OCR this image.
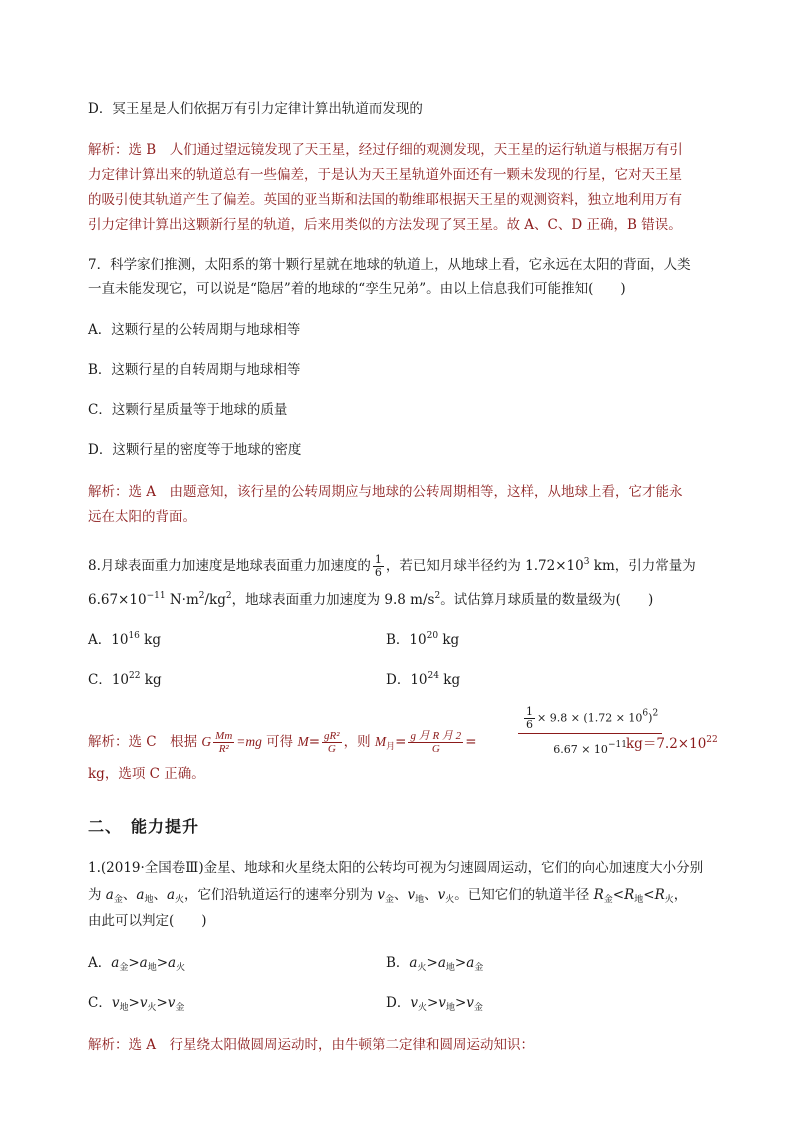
D．冥王星是人们依据万有引力定律计算出轨道而发现的
解析：选 B　人们通过望远镜发现了天王星，经过仔细的观测发现，天王星的运行轨道与根据万有引
力定律计算出来的轨道总有一些偏差，于是认为天王星轨道外面还有一颗未发现的行星，它对天王星
的吸引使其轨道产生了偏差。英国的亚当斯和法国的勒维耶根据天王星的观测资料，独立地利用万有
引力定律计算出这颗新行星的轨道，后来用类似的方法发现了冥王星。故 A、C、D 正确，B 错误。
7．科学家们推测，太阳系的第十颗行星就在地球的轨道上，从地球上看，它永远在太阳的背面，人类
一直未能发现它，可以说是“隐居”着的地球的“孪生兄弟”。由以上信息我们可能推知(　　)
A．这颗行星的公转周期与地球相等
B．这颗行星的自转周期与地球相等
C．这颗行星质量等于地球的质量
D．这颗行星的密度等于地球的密度
解析：选 A　由题意知，该行星的公转周期应与地球的公转周期相等，这样，从地球上看，它才能永
远在太阳的背面。
8.月球表面重力加速度是地球表面重力加速度的 $\frac{1}{6}$ ，若已知月球半径约为 $1.72\times 10^3$ km，引力常量为
$6.67\times 10^{-11}$ $N\cdot m^2/kg^2$，地球表面重力加速度为 9.8 $m/s^2$。试估算月球质量的数量级为(　　)
A．$10^{16}$ kg	B．$10^{20}$ kg
C．$10^{22}$ kg	D．$10^{24}$ kg
解析：选 C　根据 G $\frac{Mm}{\text{R²}} =mg$ 可得 $M= \frac{\text{gR²}}{G}$ ，则 $M_月= \frac{\text{g 月 R 月 2}}{G}$ =
$\frac{1}{6} \times 9.8 \times (1.72 \times 10^6)^2$
$6.67 \times 10^{-11}$ $kg=7.2\times 10^{22}$
kg，选项 C 正确。
二、　能力提升
1.(2019·全国卷Ⅲ)金星、地球和火星绕太阳的公转均可视为匀速圆周运动，它们的向心加速度大小分别
为 $a_金$、$a_地$、$a_火$，它们沿轨道运行的速率分别为 $v_金$、$v_地$、$v_火$。已知它们的轨道半径 $R_金<R_地<R_火$，
由此可以判定(　　)
A．$a_金>a_地>a_火$	B．$a_火>a_地>a_金$
C．$v_地>v_火>v_金$	D．$v_火>v_地>v_金$
解析：选 A　行星绕太阳做圆周运动时，由牛顿第二定律和圆周运动知识：
